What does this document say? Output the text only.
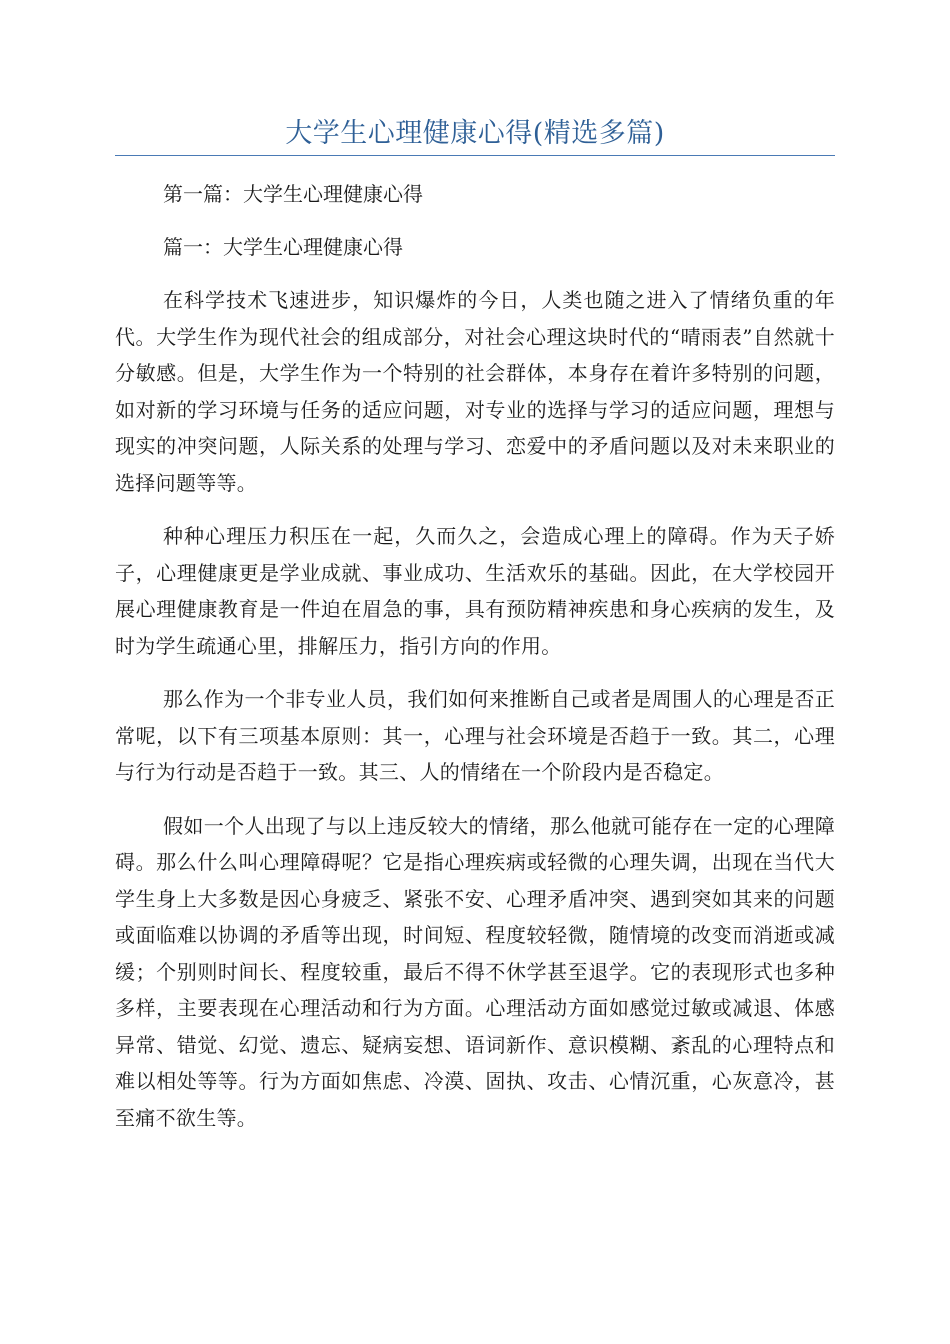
大学生心理健康心得(精选多篇)

第一篇：大学生心理健康心得

篇一：大学生心理健康心得

在科学技术飞速进步，知识爆炸的今日，人类也随之进入了情绪负重的年代。大学生作为现代社会的组成部分，对社会心理这块时代的“晴雨表”自然就十分敏感。但是，大学生作为一个特别的社会群体，本身存在着许多特别的问题，如对新的学习环境与任务的适应问题，对专业的选择与学习的适应问题，理想与现实的冲突问题，人际关系的处理与学习、恋爱中的矛盾问题以及对未来职业的选择问题等等。

种种心理压力积压在一起，久而久之，会造成心理上的障碍。作为天子娇子，心理健康更是学业成就、事业成功、生活欢乐的基础。因此，在大学校园开展心理健康教育是一件迫在眉急的事，具有预防精神疾患和身心疾病的发生，及时为学生疏通心里，排解压力，指引方向的作用。

那么作为一个非专业人员，我们如何来推断自己或者是周围人的心理是否正常呢，以下有三项基本原则：其一，心理与社会环境是否趋于一致。其二，心理与行为行动是否趋于一致。其三、人的情绪在一个阶段内是否稳定。

假如一个人出现了与以上违反较大的情绪，那么他就可能存在一定的心理障碍。那么什么叫心理障碍呢？它是指心理疾病或轻微的心理失调，出现在当代大学生身上大多数是因心身疲乏、紧张不安、心理矛盾冲突、遇到突如其来的问题或面临难以协调的矛盾等出现，时间短、程度较轻微，随情境的改变而消逝或减缓；个别则时间长、程度较重，最后不得不休学甚至退学。它的表现形式也多种多样，主要表现在心理活动和行为方面。心理活动方面如感觉过敏或减退、体感异常、错觉、幻觉、遗忘、疑病妄想、语词新作、意识模糊、紊乱的心理特点和难以相处等等。行为方面如焦虑、冷漠、固执、攻击、心情沉重，心灰意冷，甚至痛不欲生等。
